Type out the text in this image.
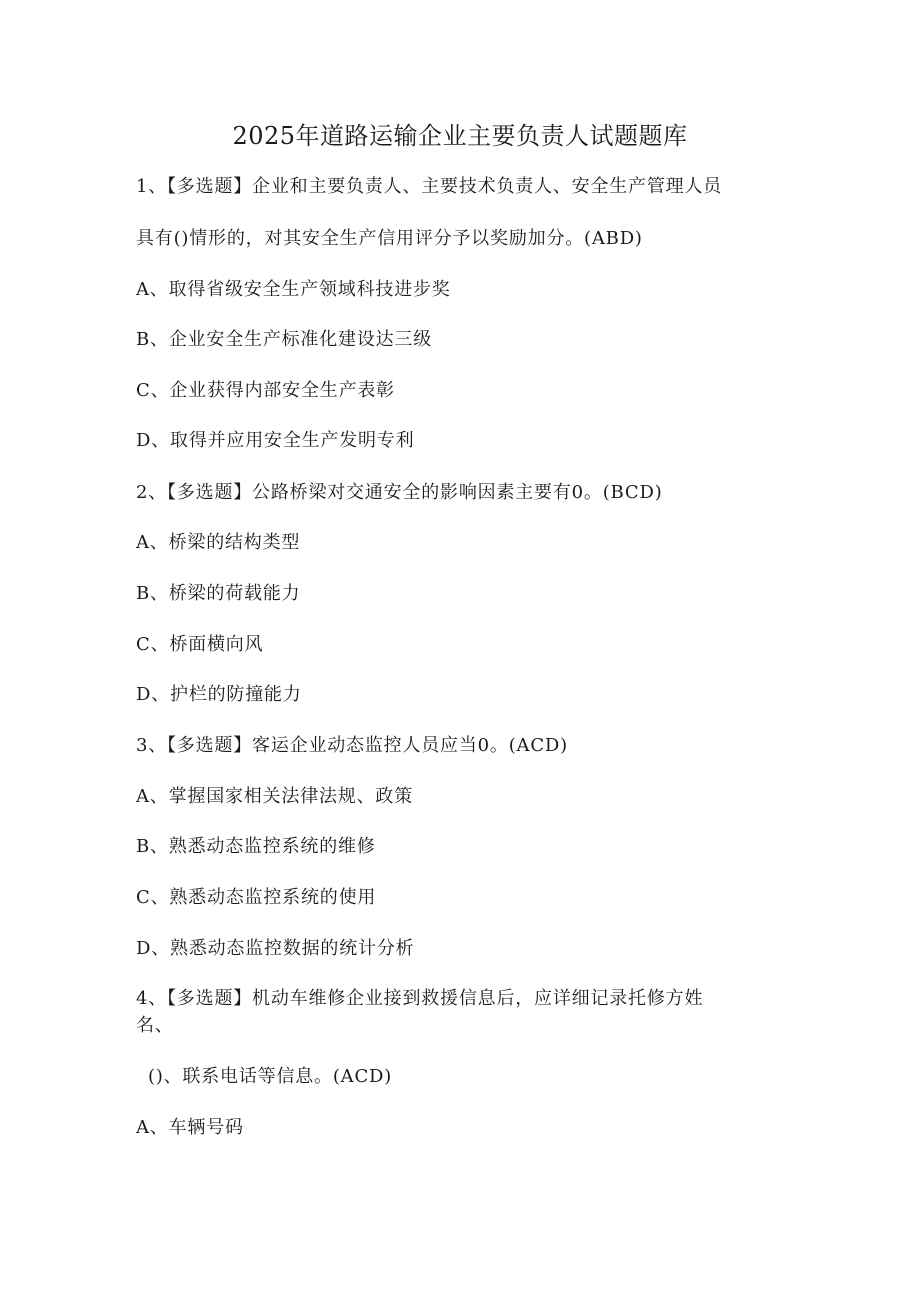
2025年道路运输企业主要负责人试题题库
1、【多选题】企业和主要负责人、主要技术负责人、安全生产管理人员
具有()情形的，对其安全生产信用评分予以奖励加分。(ABD)
A、取得省级安全生产领域科技进步奖
B、企业安全生产标准化建设达三级
C、企业获得内部安全生产表彰
D、取得并应用安全生产发明专利
2、【多选题】公路桥梁对交通安全的影响因素主要有0。(BCD)
A、桥梁的结构类型
B、桥梁的荷载能力
C、桥面横向风
D、护栏的防撞能力
3、【多选题】客运企业动态监控人员应当0。(ACD)
A、掌握国家相关法律法规、政策
B、熟悉动态监控系统的维修
C、熟悉动态监控系统的使用
D、熟悉动态监控数据的统计分析
4、【多选题】机动车维修企业接到救援信息后，应详细记录托修方姓
名、
()、联系电话等信息。(ACD)
A、车辆号码
